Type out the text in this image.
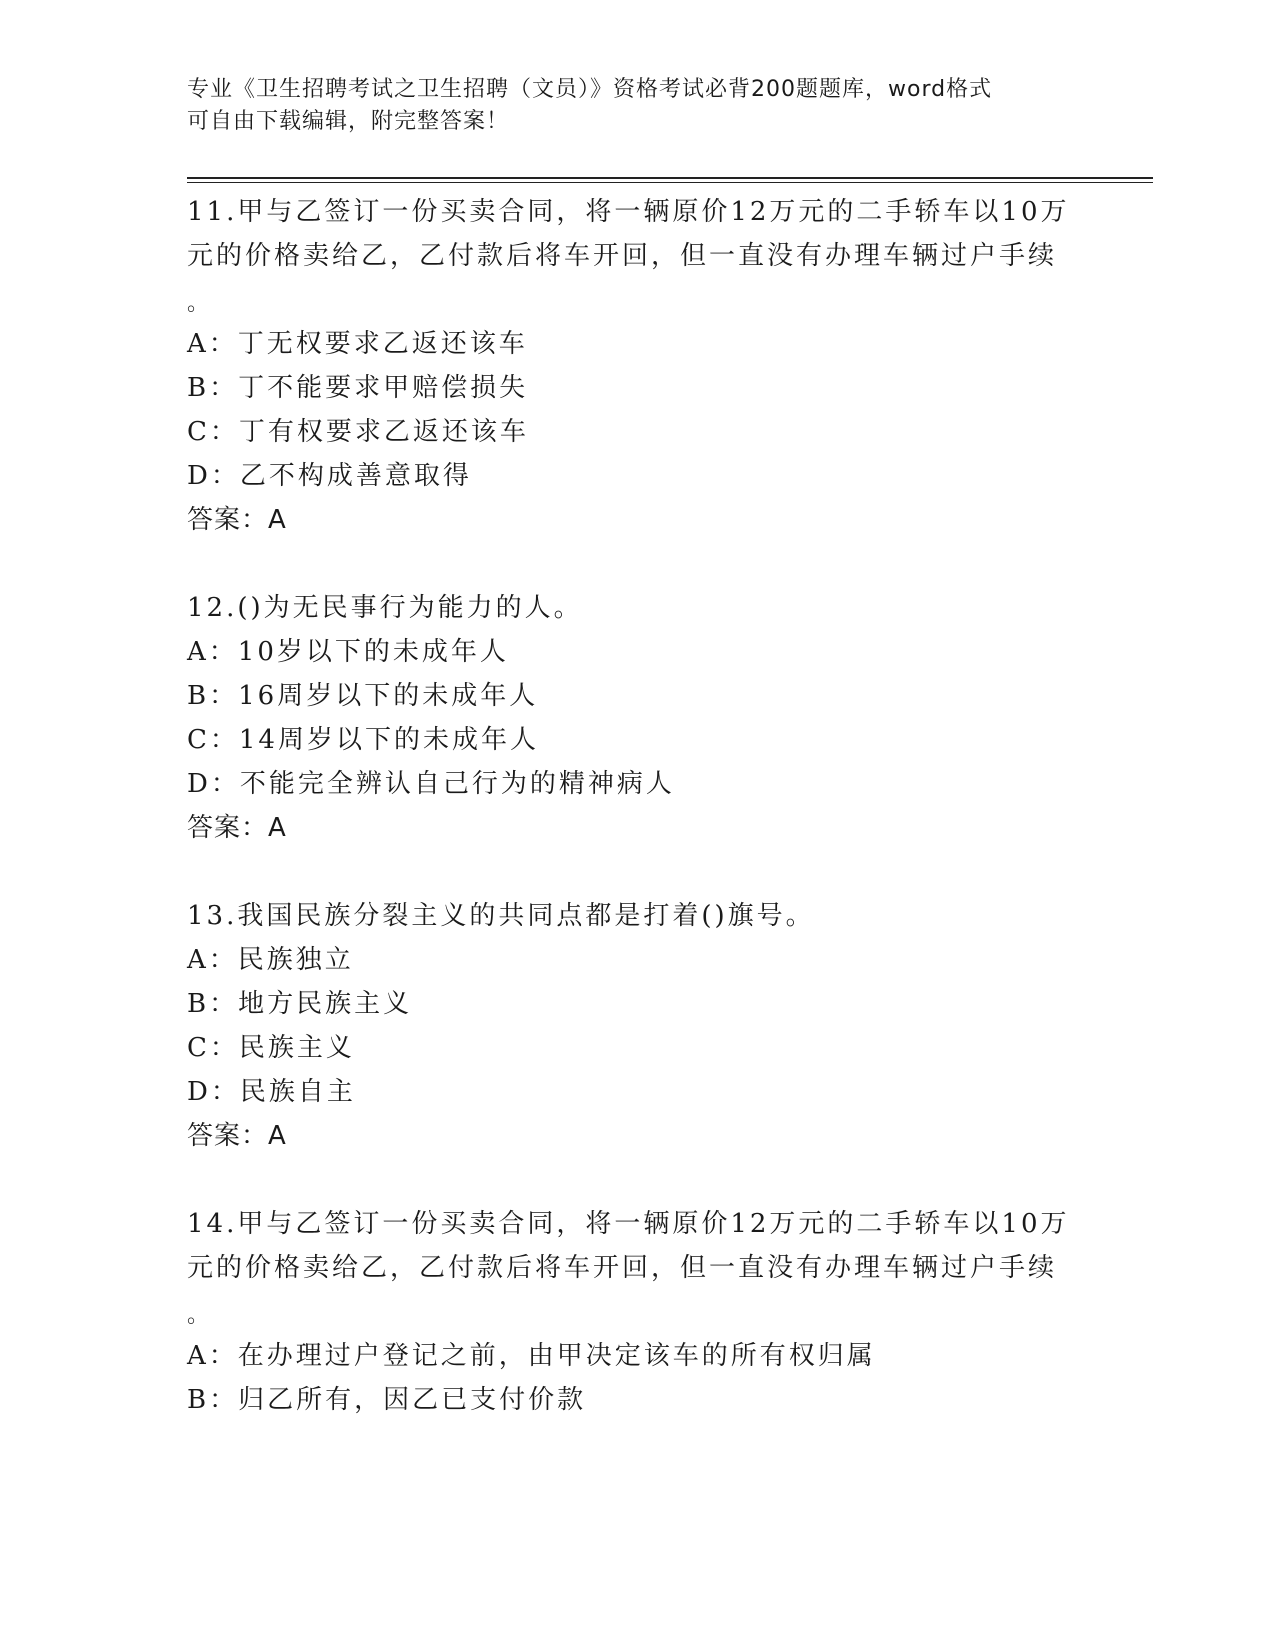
专业《卫生招聘考试之卫生招聘（文员）》资格考试必背200题题库，word格式
可自由下载编辑，附完整答案！

11.甲与乙签订一份买卖合同，将一辆原价12万元的二手轿车以10万

元的价格卖给乙，乙付款后将车开回，但一直没有办理车辆过户手续

。

A：丁无权要求乙返还该车

B：丁不能要求甲赔偿损失

C：丁有权要求乙返还该车

D：乙不构成善意取得

答案：A

12.()为无民事行为能力的人。

A：10岁以下的未成年人

B：16周岁以下的未成年人

C：14周岁以下的未成年人

D：不能完全辨认自己行为的精神病人

答案：A

13.我国民族分裂主义的共同点都是打着()旗号。

A：民族独立

B：地方民族主义

C：民族主义

D：民族自主

答案：A

14.甲与乙签订一份买卖合同，将一辆原价12万元的二手轿车以10万

元的价格卖给乙，乙付款后将车开回，但一直没有办理车辆过户手续

。

A：在办理过户登记之前，由甲决定该车的所有权归属

B：归乙所有，因乙已支付价款
